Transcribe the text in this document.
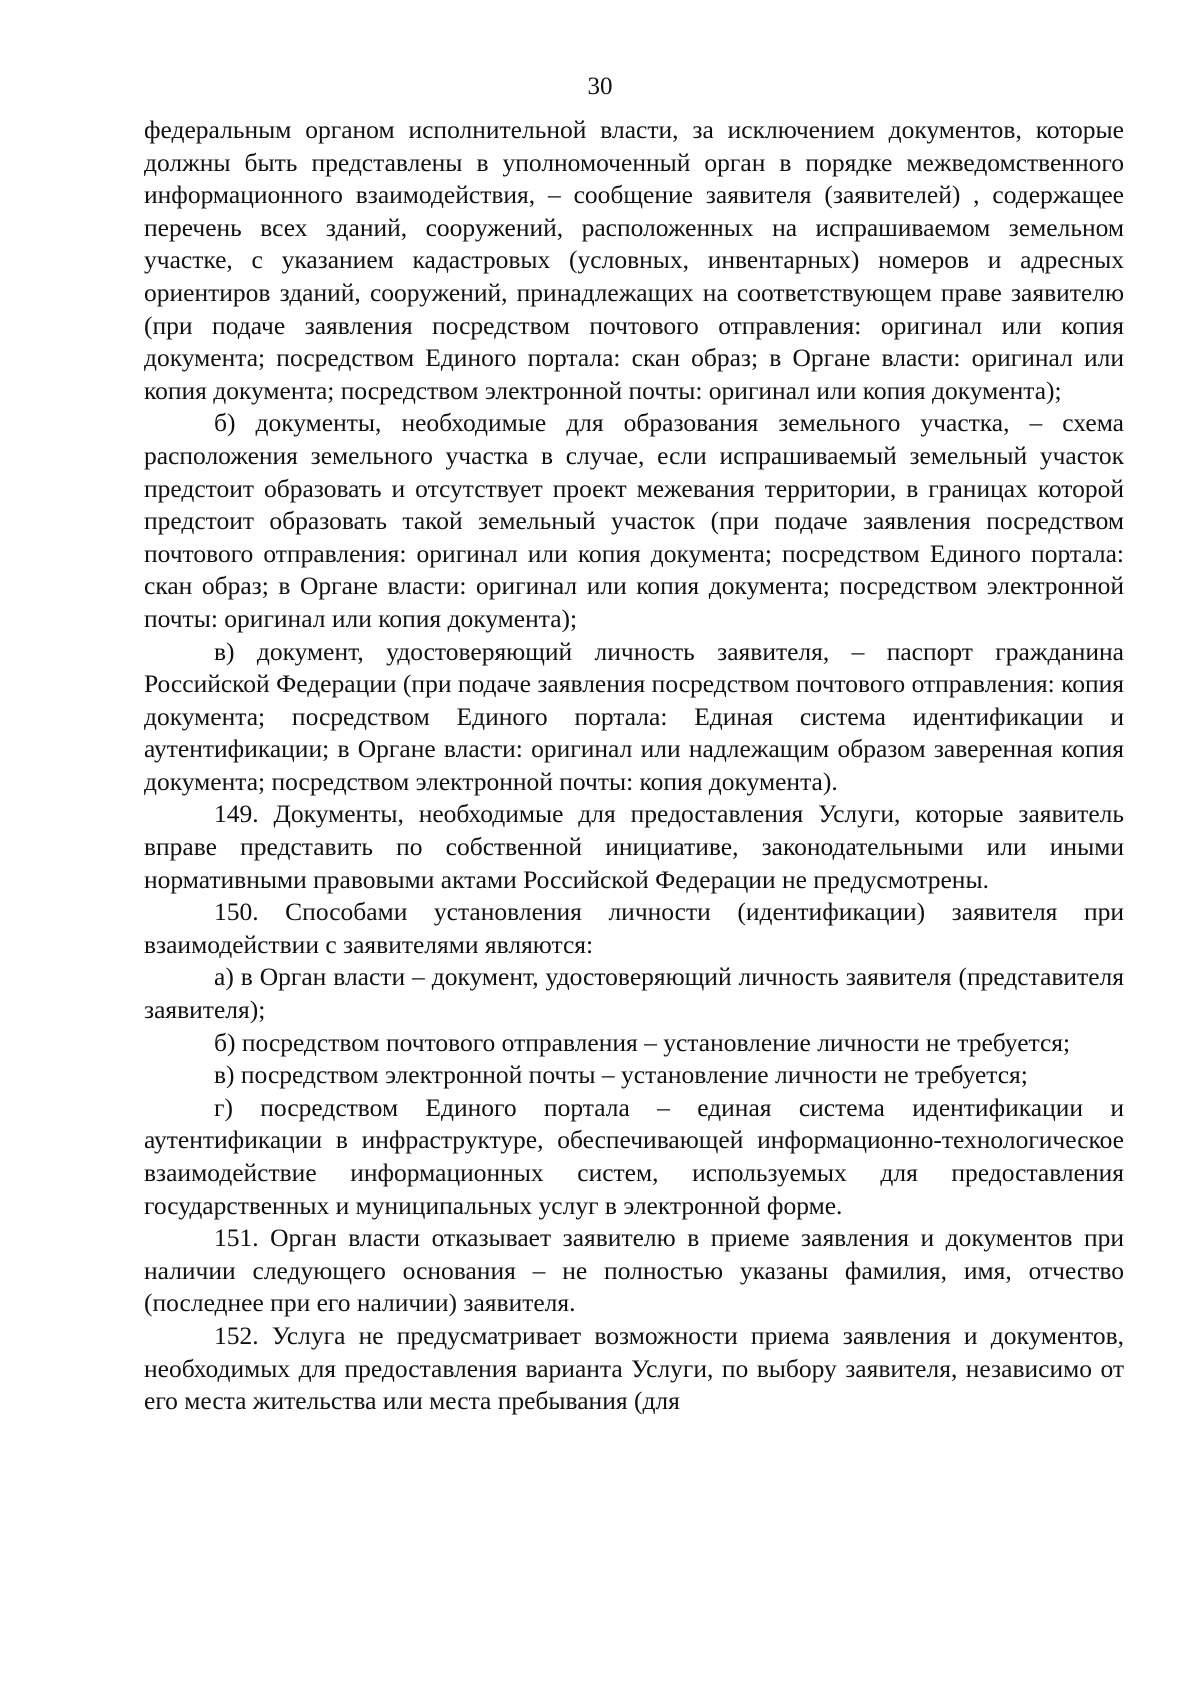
30

федеральным органом исполнительной власти, за исключением документов, которые должны быть представлены в уполномоченный орган в порядке межведомственного информационного взаимодействия, – сообщение заявителя (заявителей) , содержащее перечень всех зданий, сооружений, расположенных на испрашиваемом земельном участке, с указанием кадастровых (условных, инвентарных) номеров и адресных ориентиров зданий, сооружений, принадлежащих на соответствующем праве заявителю (при подаче заявления посредством почтового отправления: оригинал или копия документа; посредством Единого портала: скан образ; в Органе власти: оригинал или копия документа; посредством электронной почты: оригинал или копия документа);

б) документы, необходимые для образования земельного участка, – схема расположения земельного участка в случае, если испрашиваемый земельный участок предстоит образовать и отсутствует проект межевания территории, в границах которой предстоит образовать такой земельный участок (при подаче заявления посредством почтового отправления: оригинал или копия документа; посредством Единого портала: скан образ; в Органе власти: оригинал или копия документа; посредством электронной почты: оригинал или копия документа);

в) документ, удостоверяющий личность заявителя, – паспорт гражданина Российской Федерации (при подаче заявления посредством почтового отправления: копия документа; посредством Единого портала: Единая система идентификации и аутентификации; в Органе власти: оригинал или надлежащим образом заверенная копия документа; посредством электронной почты: копия документа).

149. Документы, необходимые для предоставления Услуги, которые заявитель вправе представить по собственной инициативе, законодательными или иными нормативными правовыми актами Российской Федерации не предусмотрены.

150. Способами установления личности (идентификации) заявителя при взаимодействии с заявителями являются:

а) в Орган власти – документ, удостоверяющий личность заявителя (представителя заявителя);

б) посредством почтового отправления – установление личности не требуется;

в) посредством электронной почты – установление личности не требуется;

г) посредством Единого портала – единая система идентификации и аутентификации в инфраструктуре, обеспечивающей информационно-технологическое взаимодействие информационных систем, используемых для предоставления государственных и муниципальных услуг в электронной форме.

151. Орган власти отказывает заявителю в приеме заявления и документов при наличии следующего основания – не полностью указаны фамилия, имя, отчество (последнее при его наличии) заявителя.

152. Услуга не предусматривает возможности приема заявления и документов, необходимых для предоставления варианта Услуги, по выбору заявителя, независимо от его места жительства или места пребывания (для
